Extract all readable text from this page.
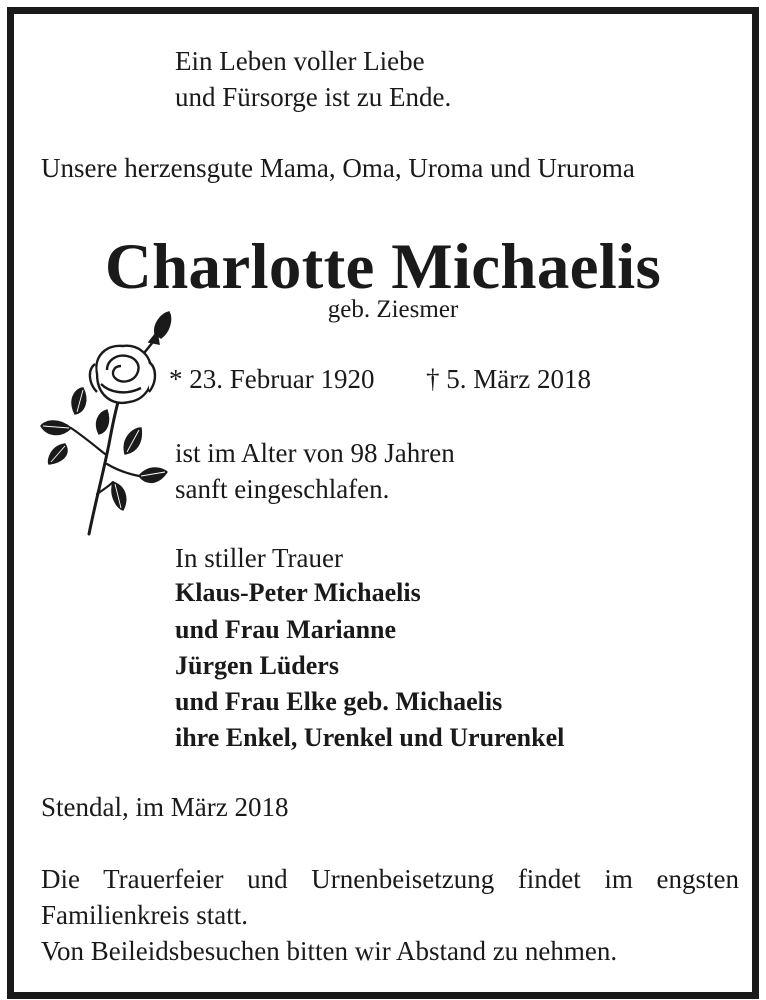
Ein Leben voller Liebe
und Fürsorge ist zu Ende.
Unsere herzensgute Mama, Oma, Uroma und Ururoma
Charlotte Michaelis
geb. Ziesmer
* 23. Februar 1920 † 5. März 2018
ist im Alter von 98 Jahren
sanft eingeschlafen.
In stiller Trauer
Klaus-Peter Michaelis
und Frau Marianne
Jürgen Lüders
und Frau Elke geb. Michaelis
ihre Enkel, Urenkel und Ururenkel
Stendal, im März 2018
Die Trauerfeier und Urnenbeisetzung findet im engsten
Familienkreis statt.
Von Beileidsbesuchen bitten wir Abstand zu nehmen.
